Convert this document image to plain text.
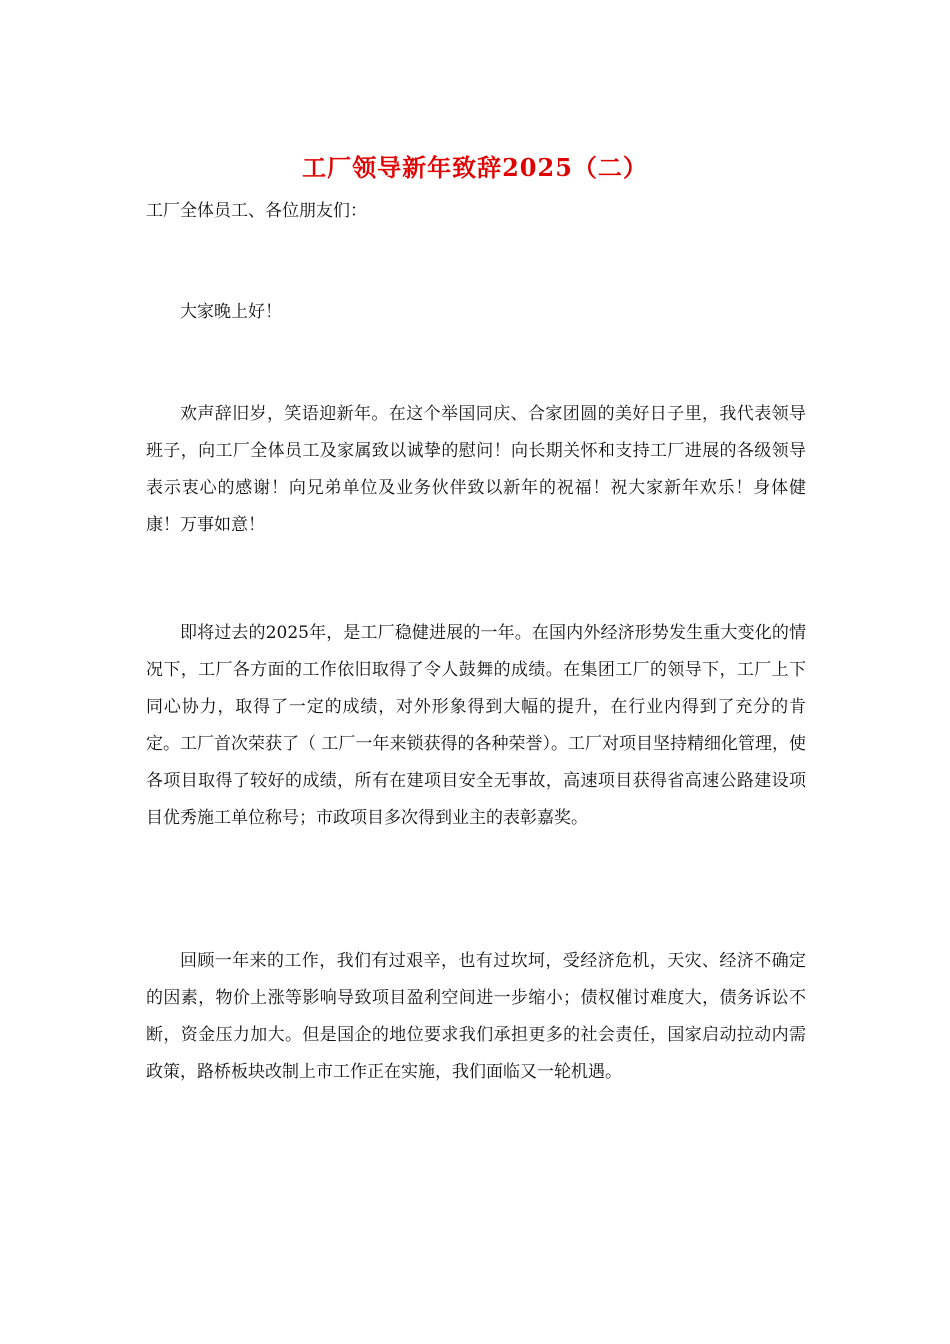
工厂领导新年致辞2025（二）
工厂全体员工、各位朋友们：

大家晚上好！

欢声辞旧岁，笑语迎新年。在这个举国同庆、合家团圆的美好日子里，我代表领导班子，向工厂全体员工及家属致以诚挚的慰问！向长期关怀和支持工厂进展的各级领导表示衷心的感谢！向兄弟单位及业务伙伴致以新年的祝福！祝大家新年欢乐！身体健康！万事如意！

即将过去的2025年，是工厂稳健进展的一年。在国内外经济形势发生重大变化的情况下，工厂各方面的工作依旧取得了令人鼓舞的成绩。在集团工厂的领导下，工厂上下同心协力，取得了一定的成绩，对外形象得到大幅的提升，在行业内得到了充分的肯定。工厂首次荣获了（ 工厂一年来锁获得的各种荣誉）。工厂对项目坚持精细化管理，使各项目取得了较好的成绩，所有在建项目安全无事故，高速项目获得省高速公路建设项目优秀施工单位称号；市政项目多次得到业主的表彰嘉奖。

回顾一年来的工作，我们有过艰辛，也有过坎坷，受经济危机，天灾、经济不确定的因素，物价上涨等影响导致项目盈利空间进一步缩小；债权催讨难度大，债务诉讼不断，资金压力加大。但是国企的地位要求我们承担更多的社会责任，国家启动拉动内需政策，路桥板块改制上市工作正在实施，我们面临又一轮机遇。
